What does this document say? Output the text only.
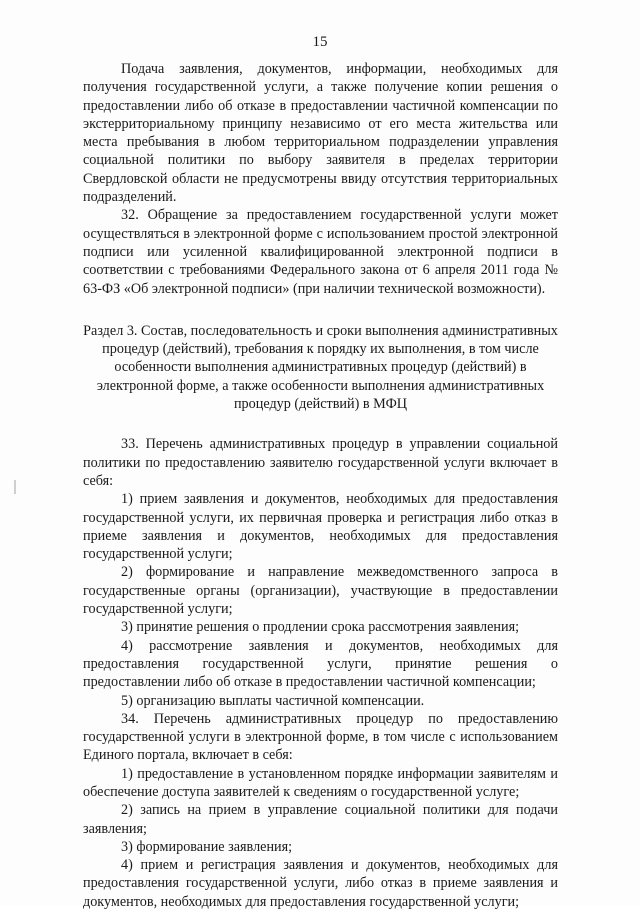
15

Подача заявления, документов, информации, необходимых для получения государственной услуги, а также получение копии решения о предоставлении либо об отказе в предоставлении частичной компенсации по экстерриториальному принципу независимо от его места жительства или места пребывания в любом территориальном подразделении управления социальной политики по выбору заявителя в пределах территории Свердловской области не предусмотрены ввиду отсутствия территориальных подразделений.

32. Обращение за предоставлением государственной услуги может осуществляться в электронной форме с использованием простой электронной подписи или усиленной квалифицированной электронной подписи в соответствии с требованиями Федерального закона от 6 апреля 2011 года № 63-ФЗ «Об электронной подписи» (при наличии технической возможности).

Раздел 3. Состав, последовательность и сроки выполнения административных процедур (действий), требования к порядку их выполнения, в том числе особенности выполнения административных процедур (действий) в электронной форме, а также особенности выполнения административных процедур (действий) в МФЦ

33. Перечень административных процедур в управлении социальной политики по предоставлению заявителю государственной услуги включает в себя:

1) прием заявления и документов, необходимых для предоставления государственной услуги, их первичная проверка и регистрация либо отказ в приеме заявления и документов, необходимых для предоставления государственной услуги;

2) формирование и направление межведомственного запроса в государственные органы (организации), участвующие в предоставлении государственной услуги;

3) принятие решения о продлении срока рассмотрения заявления;

4) рассмотрение заявления и документов, необходимых для предоставления государственной услуги, принятие решения о предоставлении либо об отказе в предоставлении частичной компенсации;

5) организацию выплаты частичной компенсации.

34. Перечень административных процедур по предоставлению государственной услуги в электронной форме, в том числе с использованием Единого портала, включает в себя:

1) предоставление в установленном порядке информации заявителям и обеспечение доступа заявителей к сведениям о государственной услуге;

2) запись на прием в управление социальной политики для подачи заявления;

3) формирование заявления;

4) прием и регистрация заявления и документов, необходимых для предоставления государственной услуги, либо отказ в приеме заявления и документов, необходимых для предоставления государственной услуги;
